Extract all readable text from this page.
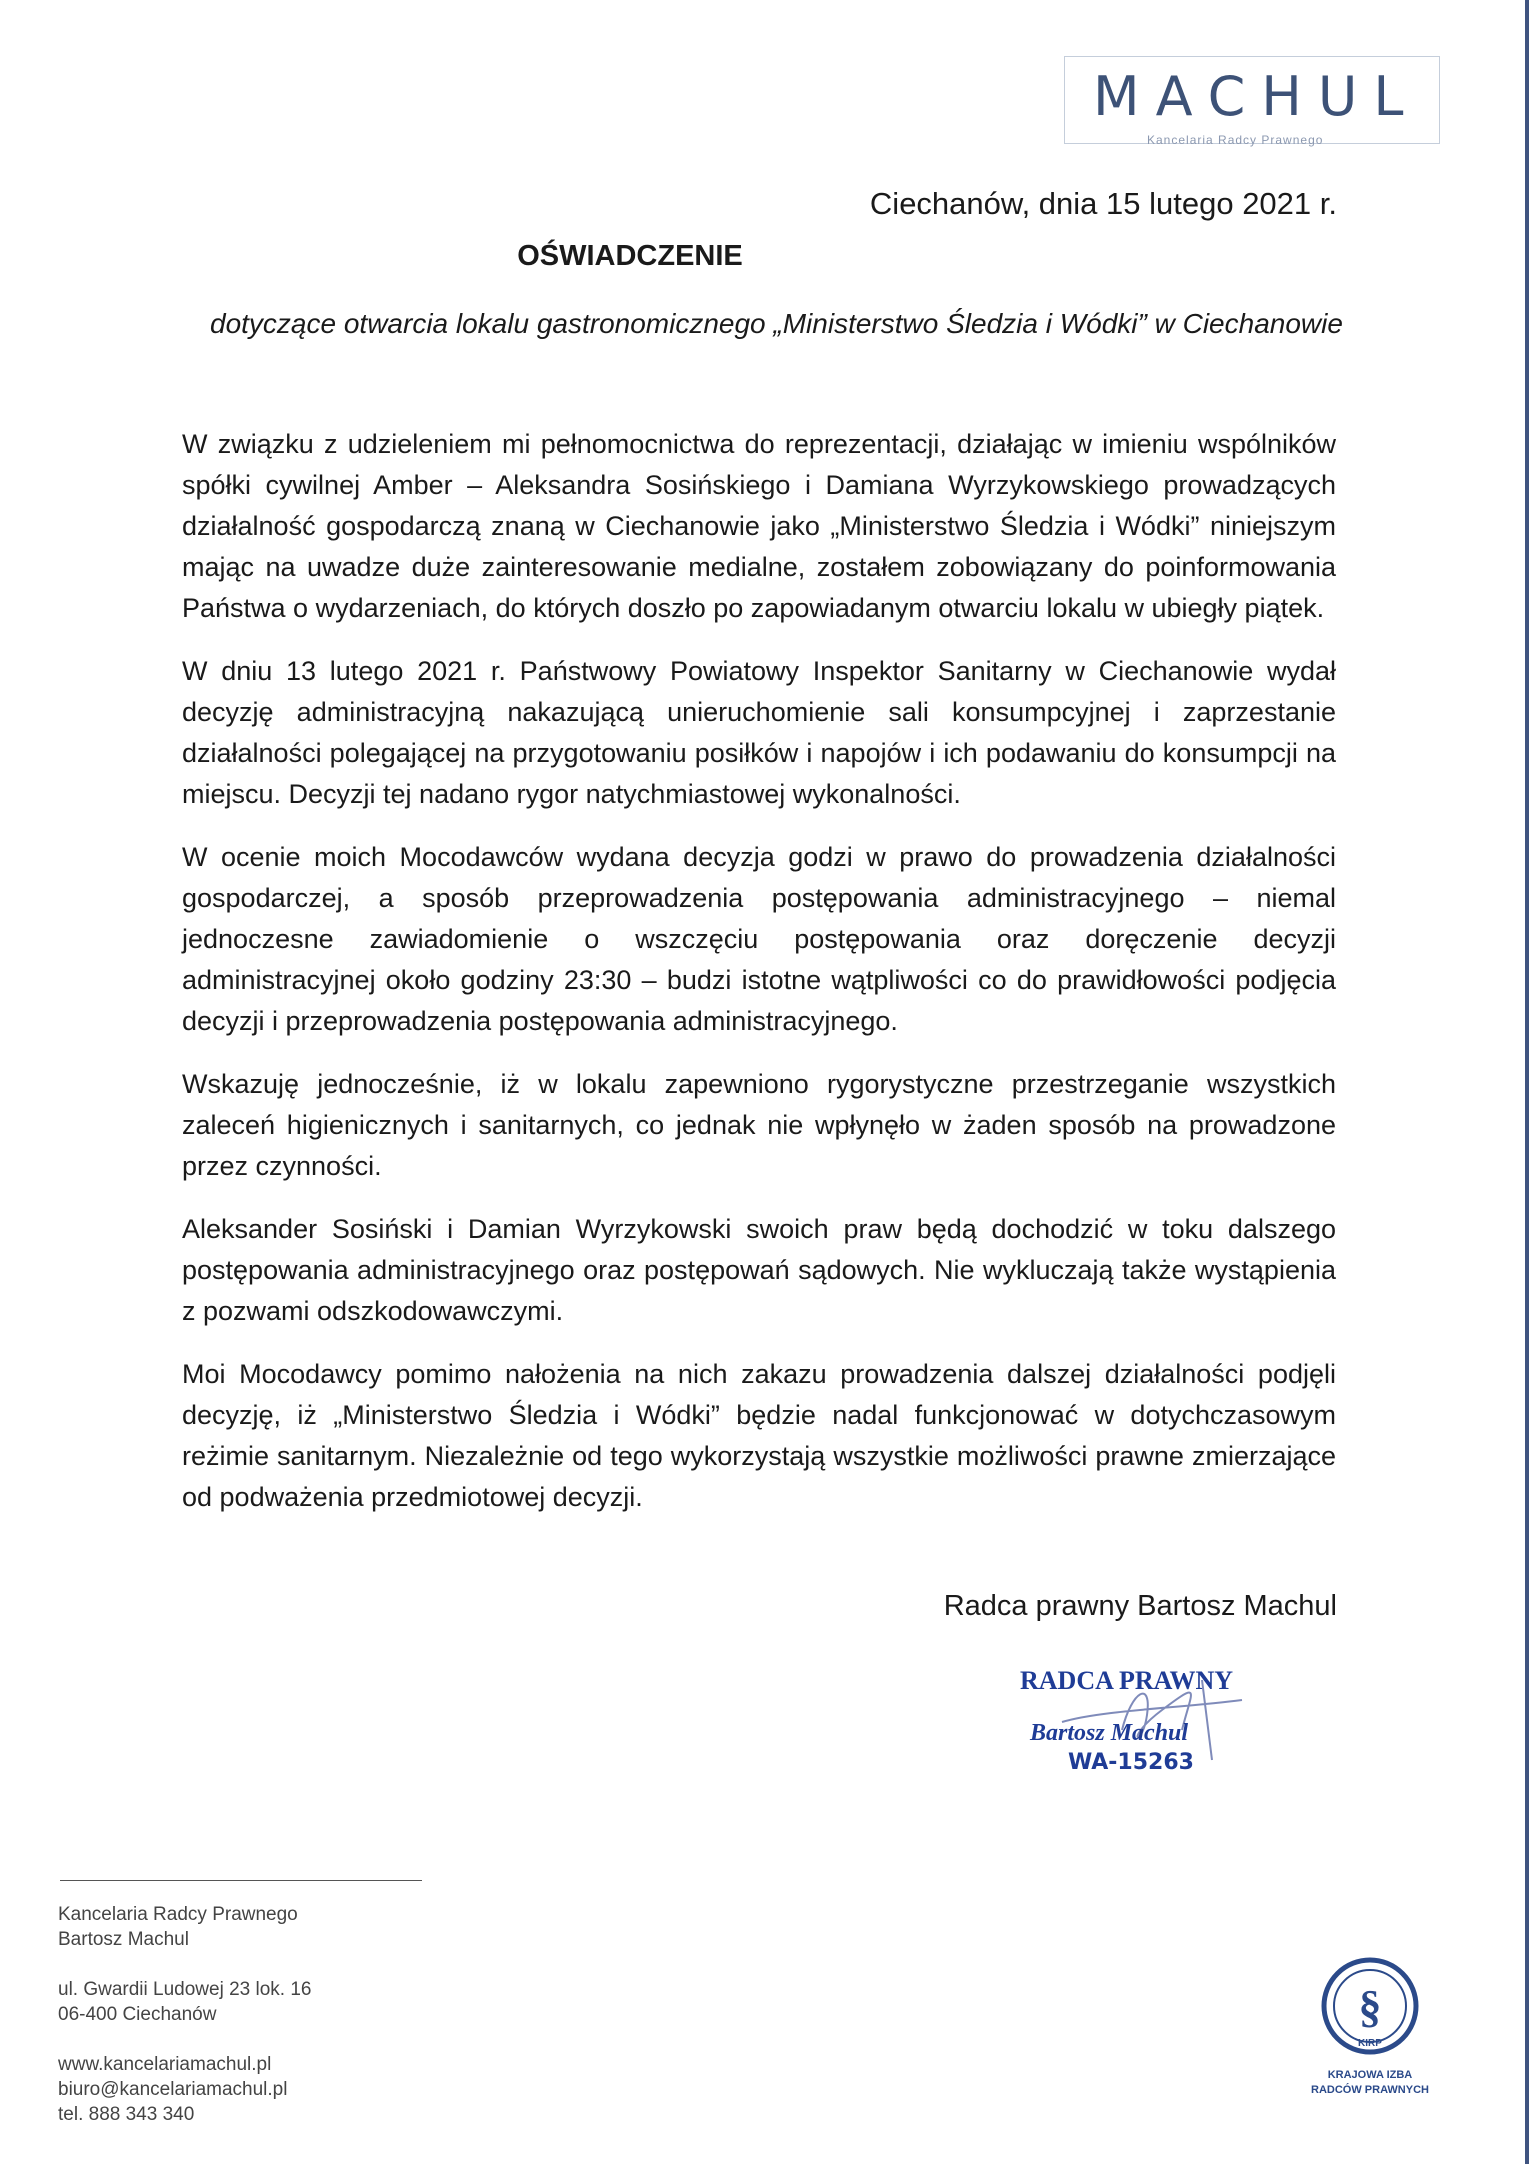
MACHUL
Kancelaria Radcy Prawnego
Ciechanów, dnia 15 lutego 2021 r.
OŚWIADCZENIE
dotyczące otwarcia lokalu gastronomicznego „Ministerstwo Śledzia i Wódki” w Ciechanowie

W związku z udzieleniem mi pełnomocnictwa do reprezentacji, działając w imieniu wspólników spółki cywilnej Amber – Aleksandra Sosińskiego i Damiana Wyrzykowskiego prowadzących działalność gospodarczą znaną w Ciechanowie jako „Ministerstwo Śledzia i Wódki” niniejszym mając na uwadze duże zainteresowanie medialne, zostałem zobowiązany do poinformowania Państwa o wydarzeniach, do których doszło po zapowiadanym otwarciu lokalu w ubiegły piątek.

W dniu 13 lutego 2021 r. Państwowy Powiatowy Inspektor Sanitarny w Ciechanowie wydał decyzję administracyjną nakazującą unieruchomienie sali konsumpcyjnej i zaprzestanie działalności polegającej na przygotowaniu posiłków i napojów i ich podawaniu do konsumpcji na miejscu. Decyzji tej nadano rygor natychmiastowej wykonalności.

W ocenie moich Mocodawców wydana decyzja godzi w prawo do prowadzenia działalności gospodarczej, a sposób przeprowadzenia postępowania administracyjnego – niemal jednoczesne zawiadomienie o wszczęciu postępowania oraz doręczenie decyzji administracyjnej około godziny 23:30 – budzi istotne wątpliwości co do prawidłowości podjęcia decyzji i przeprowadzenia postępowania administracyjnego.

Wskazuję jednocześnie, iż w lokalu zapewniono rygorystyczne przestrzeganie wszystkich zaleceń higienicznych i sanitarnych, co jednak nie wpłynęło w żaden sposób na prowadzone przez czynności.

Aleksander Sosiński i Damian Wyrzykowski swoich praw będą dochodzić w toku dalszego postępowania administracyjnego oraz postępowań sądowych. Nie wykluczają także wystąpienia z pozwami odszkodowawczymi.

Moi Mocodawcy pomimo nałożenia na nich zakazu prowadzenia dalszej działalności podjęli decyzję, iż „Ministerstwo Śledzia i Wódki” będzie nadal funkcjonować w dotychczasowym reżimie sanitarnym. Niezależnie od tego wykorzystają wszystkie możliwości prawne zmierzające od podważenia przedmiotowej decyzji.

Radca prawny Bartosz Machul
RADCA PRAWNY
Bartosz Machul
WA-15263
Kancelaria Radcy Prawnego
Bartosz Machul
ul. Gwardii Ludowej 23 lok. 16
06-400 Ciechanów
www.kancelariamachul.pl
biuro@kancelariamachul.pl
tel. 888 343 340
§
KIRP
KRAJOWA IZBA
RADCÓW PRAWNYCH
